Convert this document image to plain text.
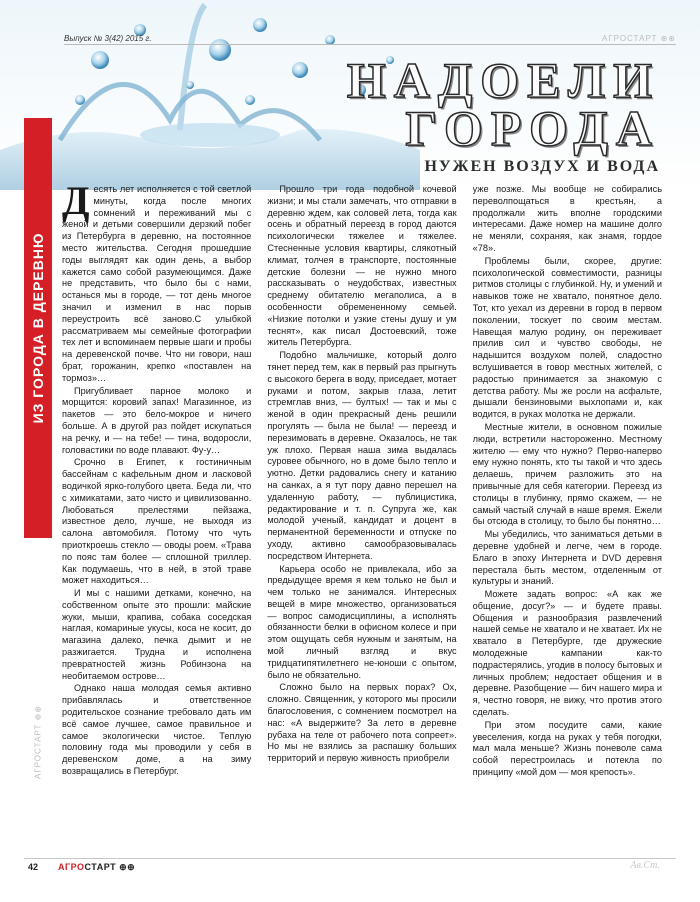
Выпуск № 3(42) 2015 г.	АГРОСТАРТ ⊕⊕
НАДОЕЛИ
ГОРОДА
НУЖЕН ВОЗДУХ И ВОДА
ИЗ ГОРОДА В ДЕРЕВНЮ
АГРОСТАРТ ⊕⊕

Десять лет исполняется с той светлой минуты, когда после многих сомнений и переживаний мы с женой и детьми совершили дерзкий побег из Петербурга в деревню, на постоянное место жительства. Сегодня прошедшие годы выглядят как один день, а выбор кажется само собой разумеющимся. Даже не представить, что было бы с нами, останься мы в городе, — тот день многое значил и изменил в нас порыв переустроить всё заново.С улыбкой рассматриваем мы семейные фотографии тех лет и вспоминаем первые шаги и пробы на деревенской почве. Что ни говори, наш брат, горожанин, крепко «поставлен на тормоз»…

Пригубливает парное молоко и морщится: коровий запах! Магазинное, из пакетов — это бело-мокрое и ничего больше. А в другой раз пойдет искупаться на речку, и — на тебе! — тина, водоросли, головастики по воде плавают. Фу-у…

Срочно в Египет, к гостиничным бассейнам с кафельным дном и ласковой водичкой ярко-голубого цвета. Беда ли, что с химикатами, зато чисто и цивилизованно. Любоваться прелестями пейзажа, известное дело, лучше, не выходя из салона автомобиля. Потому что чуть приоткроешь стекло — оводы роем. «Трава по пояс там более — сплошной триллер. Как подумаешь, что в ней, в этой траве может находиться…

И мы с нашими детками, конечно, на собственном опыте это прошли: майские жуки, мыши, крапива, собака соседская наглая, комариные укусы, коса не косит, до магазина далеко, печка дымит и не разжигается. Трудна и исполнена превратностей жизнь Робинзона на необитаемом острове…

Однако наша молодая семья активно прибавлялась и ответственное родительское сознание требовало дать им всё самое лучшее, самое правильное и самое экологически чистое. Теплую половину года мы проводили у себя в деревенском доме, а на зиму возвращались в Петербург.

Прошло три года подобной кочевой жизни; и мы стали замечать, что отправки в деревню ждем, как соловей лета, тогда как осень и обратный переезд в город даются психологически тяжелее и тяжелее. Стесненные условия квартиры, слякотный климат, толчея в транспорте, постоянные детские болезни — не нужно много рассказывать о неудобствах, известных среднему обитателю мегаполиса, а в особенности обремененному семьей. «Низкие потолки и узкие стены душу и ум теснят», как писал Достоевский, тоже житель Петербурга.

Подобно мальчишке, который долго тянет перед тем, как в первый раз прыгнуть с высокого берега в воду, приседает, мотает руками и потом, закрыв глаза, летит стремглав вниз, — бултых! — так и мы с женой в один прекрасный день решили прогулять — была не была! — переезд и перезимовать в деревне. Оказалось, не так уж плохо. Первая наша зима выдалась суровее обычного, но в доме было тепло и уютно. Детки радовались снегу и катанию на санках, а я тут пору давно перешел на удаленную работу, — публицистика, редактирование и т. п. Супруга же, как молодой ученый, кандидат и доцент в перманентной беременности и отпуске по уходу, активно самообразовывалась посредством Интернета.

Карьера особо не привлекала, ибо за предыдущее время я кем только не был и чем только не занимался. Интересных вещей в мире множество, организоваться — вопрос самодисциплины, а исполнять обязанности белки в офисном колесе и при этом ощущать себя нужным и занятым, на мой личный взгляд и вкус тридцатипятилетнего не-юноши с опытом, было не обязательно.

Сложно было на первых порах? Ох, сложно. Священник, у которого мы просили благословения, с сомнением посмотрел на нас: «А выдержите? За лето в деревне рубаха на теле от рабочего пота сопреет». Но мы не взялись за распашку больших территорий и первую живность приобрели

уже позже. Мы вообще не собирались переволпощаться в крестьян, а продолжали жить вполне городскими интересами. Даже номер на машине долго не меняли, сохраняя, как знамя, гордое «78».

Проблемы были, скорее, другие: психологической совместимости, разницы ритмов столицы с глубинкой. Ну, и умений и навыков тоже не хватало, понятное дело. Тот, кто уехал из деревни в город в первом поколении, тоскует по своим местам. Навещая малую родину, он переживает прилив сил и чувство свободы, не надышится воздухом полей, сладостно вслушивается в говор местных жителей, с радостью принимается за знакомую с детства работу. Мы же росли на асфальте, дышали бензиновыми выхлопами и, как водится, в руках молотка не держали.

Местные жители, в основном пожилые люди, встретили настороженно. Местному жителю — ему что нужно? Перво-наперво ему нужно понять, кто ты такой и что здесь делаешь, причем разложить это на привычные для себя категории. Переезд из столицы в глубинку, прямо скажем, — не самый частый случай в наше время. Ежели бы отсюда в столицу, то было бы понятно…

Мы убедились, что заниматься детьми в деревне удобней и легче, чем в городе. Благо в эпоху Интернета и DVD деревня перестала быть местом, отделенным от культуры и знаний.

Можете задать вопрос: «А как же общение, досуг?» — и будете правы. Общения и разнообразия развлечений нашей семье не хватало и не хватает. Их не хватало в Петербурге, где дружеские молодежные кампании как-то подрастерялись, угодив в полосу бытовых и личных проблем; недостает общения и в деревне. Разобщение — бич нашего мира и я, честно говоря, не вижу, что против этого сделать.

При этом посудите сами, какие увеселения, когда на руках у тебя погодки, мал мала меньше? Жизнь поневоле сама собой перестроилась и потекла по принципу «мой дом — моя крепость».

42 АГРОСТАРТ ⊕⊕	Ав.Ст.
